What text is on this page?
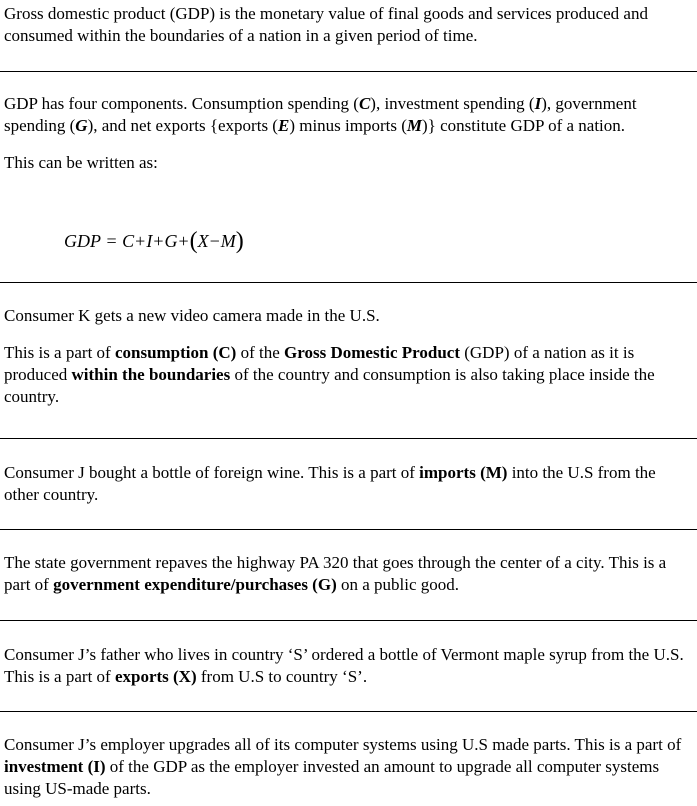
Gross domestic product (GDP) is the monetary value of final goods and services produced and consumed within the boundaries of a nation in a given period of time.

GDP has four components. Consumption spending (C), investment spending (I), government spending (G), and net exports {exports (E) minus imports (M)} constitute GDP of a nation.

This can be written as:

GDP = C+I+G+(X−M)

Consumer K gets a new video camera made in the U.S.

This is a part of consumption (C) of the Gross Domestic Product (GDP) of a nation as it is produced within the boundaries of the country and consumption is also taking place inside the country.

Consumer J bought a bottle of foreign wine. This is a part of imports (M) into the U.S from the other country.

The state government repaves the highway PA 320 that goes through the center of a city. This is a part of government expenditure/purchases (G) on a public good.

Consumer J’s father who lives in country ‘S’ ordered a bottle of Vermont maple syrup from the U.S. This is a part of exports (X) from U.S to country ‘S’.

Consumer J’s employer upgrades all of its computer systems using U.S made parts. This is a part of investment (I) of the GDP as the employer invested an amount to upgrade all computer systems using US-made parts.
